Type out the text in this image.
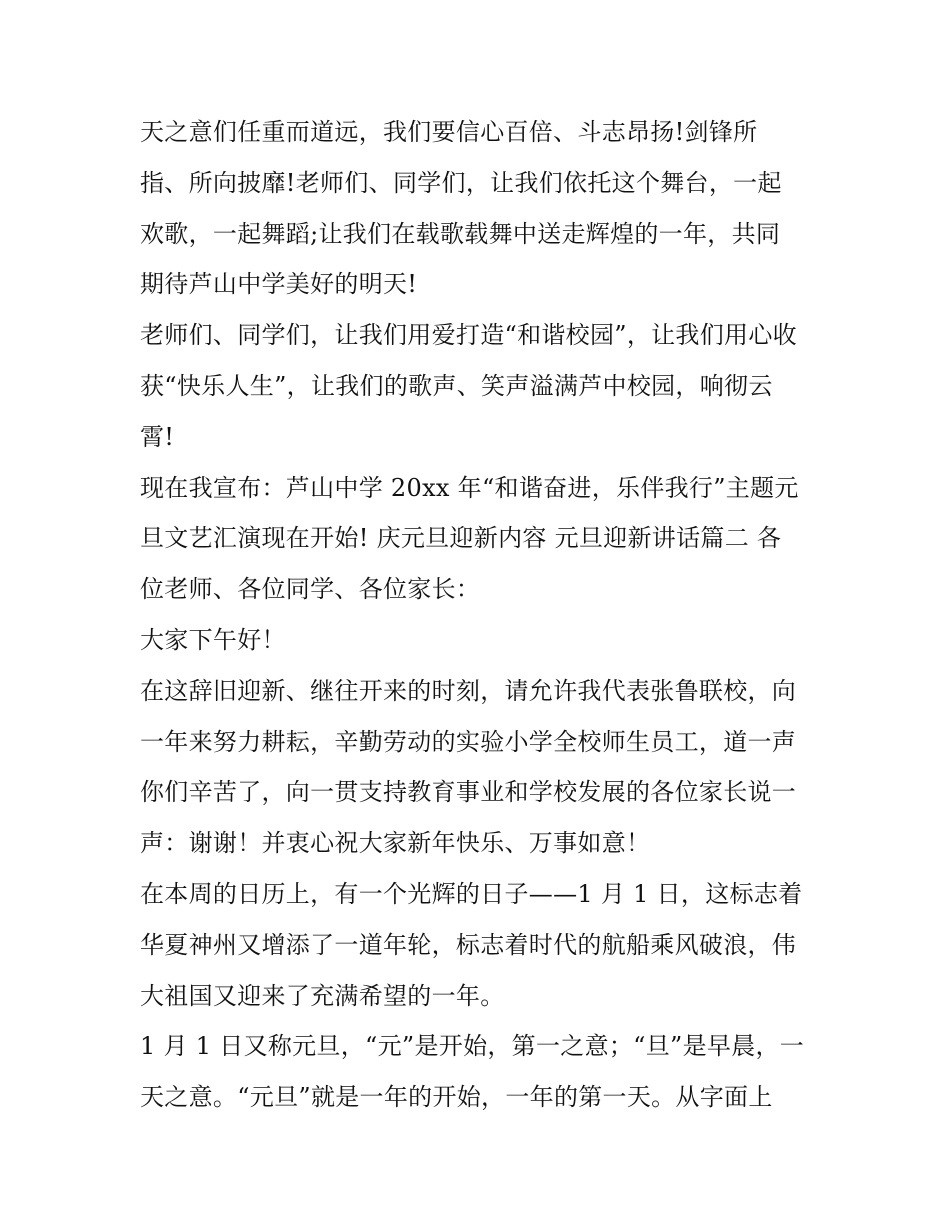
天之意们任重而道远，我们要信心百倍、斗志昂扬!剑锋所
指、所向披靡!老师们、同学们，让我们依托这个舞台，一起
欢歌，一起舞蹈;让我们在载歌载舞中送走辉煌的一年，共同
期待芦山中学美好的明天!
老师们、同学们，让我们用爱打造“和谐校园”，让我们用心收
获“快乐人生”，让我们的歌声、笑声溢满芦中校园，响彻云
霄!
现在我宣布：芦山中学 20xx 年“和谐奋进，乐伴我行”主题元
旦文艺汇演现在开始! 庆元旦迎新内容 元旦迎新讲话篇二 各
位老师、各位同学、各位家长：
大家下午好！
在这辞旧迎新、继往开来的时刻，请允许我代表张鲁联校，向
一年来努力耕耘，辛勤劳动的实验小学全校师生员工，道一声
你们辛苦了，向一贯支持教育事业和学校发展的各位家长说一
声：谢谢！并衷心祝大家新年快乐、万事如意！
在本周的日历上，有一个光辉的日子——1 月 1 日，这标志着
华夏神州又增添了一道年轮，标志着时代的航船乘风破浪，伟
大祖国又迎来了充满希望的一年。
1 月 1 日又称元旦，“元”是开始，第一之意；“旦”是早晨，一
天之意。“元旦”就是一年的开始，一年的第一天。从字面上
